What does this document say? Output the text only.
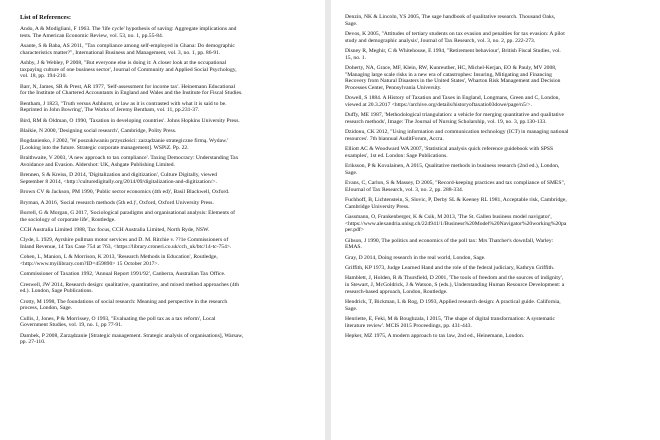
List of References:
Ando, A & Modigliani, F 1963. The 'life cycle' hypothesis of saving: Aggregate implications and
tests. The American Economic Review, vol. 53, no. 1, pp.55-84.
Asante, S & Baba, AS 2011, "Tax compliance among self-employed in Ghana: Do demographic
characteristics matter?", International Business and Management, vol. 3, no. 1, pp. 86-91.
Ashby, J & Webley, P 2008, "But everyone else is doing it: A closer look at the occupational
taxpaying culture of one business sector', Journal of Community and Applied Social Psychology,
vol. 18, pp. 194-210.
Barr, N, James, SR & Prest, AR 1977, 'Self-assessment for income tax'. Heinemann Educational
for the Institute of Chartered Accountants in England and Wales and the Institute for Fiscal Studies.
Bentham, J 1823, "Truth versus Ashhurst, or law as it is contrasted with what it is said to be.
Reprinted in John Bowring', The Works of Jeremy Bentham, vol. 11, pp.231-37.
Bird, RM & Oldman, O 1990, 'Taxation in developing countries'. Johns Hopkins University Press.
Blaikie, N 2000, 'Designing social research', Cambridge, Polity Press.
Bogdanienko, J 2002, 'W poszukiwaniu przyszłości: zarządzanie strategiczne firmą. Wydaw.'
[Looking into the future. Strategic corporate management]. WSPiZ. Pp. 22.
Braithwaite, V 2003, 'A new approach to tax compliance'. Taxing Democracy: Understanding Tax
Avoidance and Evasion. Aldershot: UK, Ashgate Publishing Limited.
Brennen, S & Kreiss, D 2014, 'Digitalization and digitization', Culture Digitally, viewed
September 8 2014, <http://culturedigitally.org/2014/09/digitalization-and-digitization/>.
Brown CV & Jackson, PM 1990, 'Public sector economics (4th ed)', Basil Blackwell, Oxford.
Bryman, A 2016, 'Social research methods (5th ed.)', Oxford, Oxford University Press.
Burrell, G & Morgan, G 2017, 'Sociological paradigms and organisational analysis: Elements of
the sociology of corporate life', Routledge.
CCH Australia Limited 1988, Tax focus, CCH Australia Limited, North Ryde, NSW.
Clyde, L 1929, Ayrshire pullman motor services and D. M. Ritchie v. ??1e Commissioners of
Inland Revenue, 14 Tax Case 754 at 763, <https://library.croneri.co.uk/cch_uk/btc/14-tc-754>.
Cohen, L, Manion, L & Morrison, K 2013, 'Research Methods in Education', Routledge,
<http://www.myilibrary.com?ID=459890> 15 October 2017>.
Commissioner of Taxation 1992, 'Annual Report 1991/92', Canberra, Australian Tax Office.
Creswell, JW 2014, Research design: qualitative, quantitative, and mixed method approaches (4th
ed.). London, Sage Publications.
Crotty, M 1998, The foundations of social research: Meaning and perspective in the research
process, London, Sage.
Cullis, J, Jones, P & Morrissey, O 1993, "Evaluating the poll tax as a tax reform', Local
Government Studies, vol. 19, no. 1, pp 77-91.
Dambek, P 2008, Zarządzanie [Strategic management. Strategic analysis of organisations], Warsaw,
pp. 27-110.
Denzin, NK & Lincoln, YS 2005, The sage handbook of qualitative research. Thousand Oaks,
Sage.
Devos, K 2005, "Attitudes of tertiary students on tax evasion and penalties for tax evasion: A pilot
study and demographic analysis', Journal of Tax Research, vol. 3, no. 2, pp. 222-273.
Disney R, Meghir, C & Whitehouse, E 1994, "Retirement behaviour', British Fiscal Studies, vol.
15, no. 1.
Doherty, NA, Grace, MF, Klein, RW, Kunreuther, HC, Michel-Kerjan, EO & Pauly, MV 2008,
"Managing large scale risks in a new era of catastrophes: Insuring, Mitigating and Financing
Recovery from Natural Disasters in the United States', Wharton Risk Management and Decision
Processes Center, Pennsylvania University.
Dowell, S 1884. A History of Taxation and Taxes in England, Longmans, Green and C, London,
viewed at 20.3.2017 <https://archive.org/details/historyoftaxatio03dowe/page/n5/>.
Duffy, ME 1987, 'Methodological triangulation: a vehicle for merging quantitative and qualitative
research methods', Image: The Journal of Nursing Scholarship, vol. 19, no. 3, pp.130-133.
Dzidonu, CK 2012, "Using information and communication technology (ICT) in managing national
resources'. 7th biannual AuditForum, Accra.
Elliott AC & Woodward WA 2007, 'Statistical analysis quick reference guidebook with SPSS
examples', 1st ed. London: Sage Publications.
Eriksson, P & Kovalainen, A 2015, Qualitative methods in business research (2nd ed.), London,
Sage.
Evans, C, Carlon, S & Massey, D 2005, "Record-keeping practices and tax compliance of SMES",
EJournal of Tax Research, vol. 3, no. 2, pp. 288-334.
Fuchhoff, B, Lichtenstein, S, Slovic, P, Derby SL & Keeney RL 1981, Acceptable risk, Cambridge,
Cambridge University Press.
Gassmann, O, Frankenberger, K & Csik, M 2013, 'The St. Gallen business model navigator',
<https://www.alexandria.unisg.ch/224941/1/Business%20Model%20Navigator%20working%20pa
per.pdf>
Gibson, J 1990, The politics and economics of the poll tax: Mrs Thatcher's downfall, Warley:
EMAS.
Gray, D 2014, Doing research in the real world, London, Sage.
Griffith, KP 1973, Judge Learned Hand and the role of the federal judiciary, Kathryn Griffith.
Hamblett, J, Holden, R & Thursfield, D 2001, 'The tools of freedom and the sources of indignity',
in Stewart, J, McGoldrick, J & Watson, S (eds.), Understanding Human Resource Development: a
research-based approach, London, Routledge.
Hendrick, T, Bickman, L & Rog, D 1993, Applied research design: A practical guide. California,
Sage.
Henriette, E, Feki, M & Boughzala, I 2015, 'The shape of digital transformation: A systematic
literature review'. MCIS 2015 Proceedings, pp. 431-443.
Hepker, MZ 1975, A modern approach to tax law, 2nd ed., Heinemann, London.
